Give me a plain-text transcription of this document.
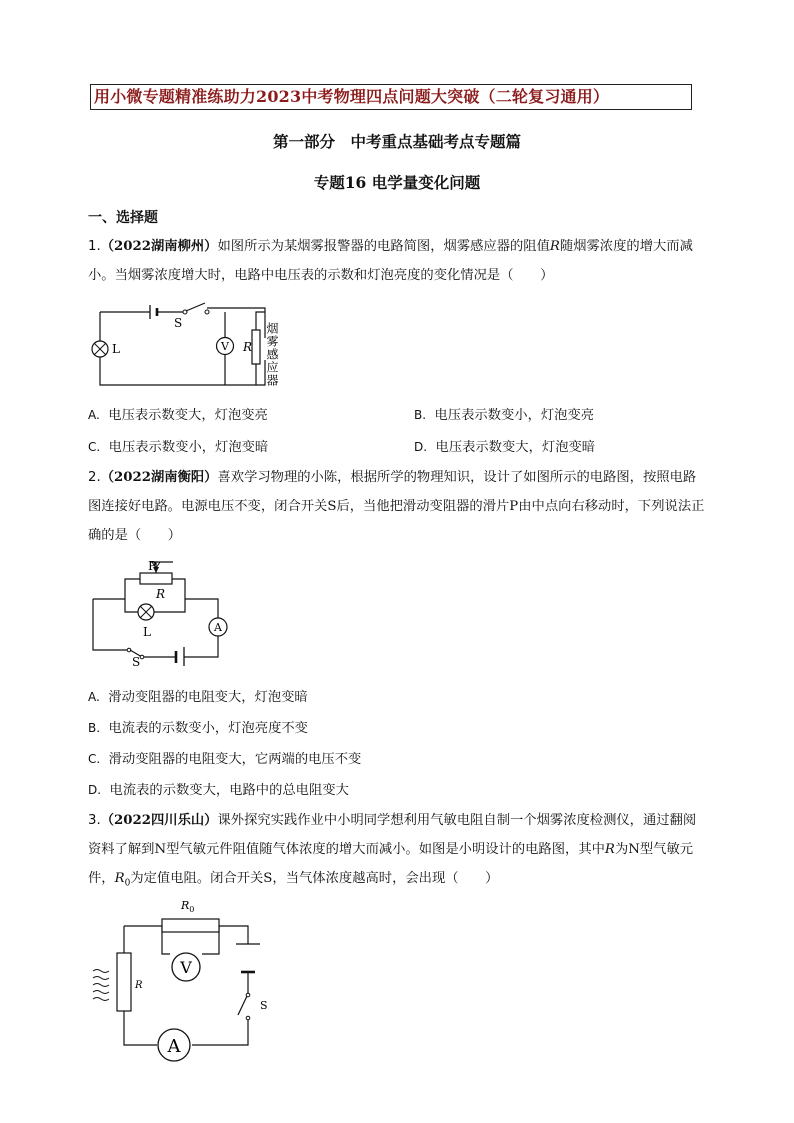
用小微专题精准练助力2023中考物理四点问题大突破（二轮复习通用）
第一部分　中考重点基础考点专题篇
专题16 电学量变化问题
一、选择题
1.（2022湖南柳州）如图所示为某烟雾报警器的电路简图，烟雾感应器的阻值R随烟雾浓度的增大而减小。当烟雾浓度增大时，电路中电压表的示数和灯泡亮度的变化情况是（　　）
S
L	V R 烟雾感应器
A. 电压表示数变大，灯泡变亮	B. 电压表示数变小，灯泡变亮
C. 电压表示数变小，灯泡变暗	D. 电压表示数变大，灯泡变暗
2.（2022湖南衡阳）喜欢学习物理的小陈，根据所学的物理知识，设计了如图所示的电路图，按照电路图连接好电路。电源电压不变，闭合开关S后，当他把滑动变阻器的滑片P由中点向右移动时，下列说法正确的是（　　）
P
R
L	A
S
A. 滑动变阻器的电阻变大，灯泡变暗
B. 电流表的示数变小，灯泡亮度不变
C. 滑动变阻器的电阻变大，它两端的电压不变
D. 电流表的示数变大，电路中的总电阻变大
3.（2022四川乐山）课外探究实践作业中小明同学想利用气敏电阻自制一个烟雾浓度检测仪，通过翻阅资料了解到N型气敏元件阻值随气体浓度的增大而减小。如图是小明设计的电路图，其中R为N型气敏元件，$R_0$为定值电阻。闭合开关S，当气体浓度越高时，会出现（　　）
$R_0$
V
R
S
A
